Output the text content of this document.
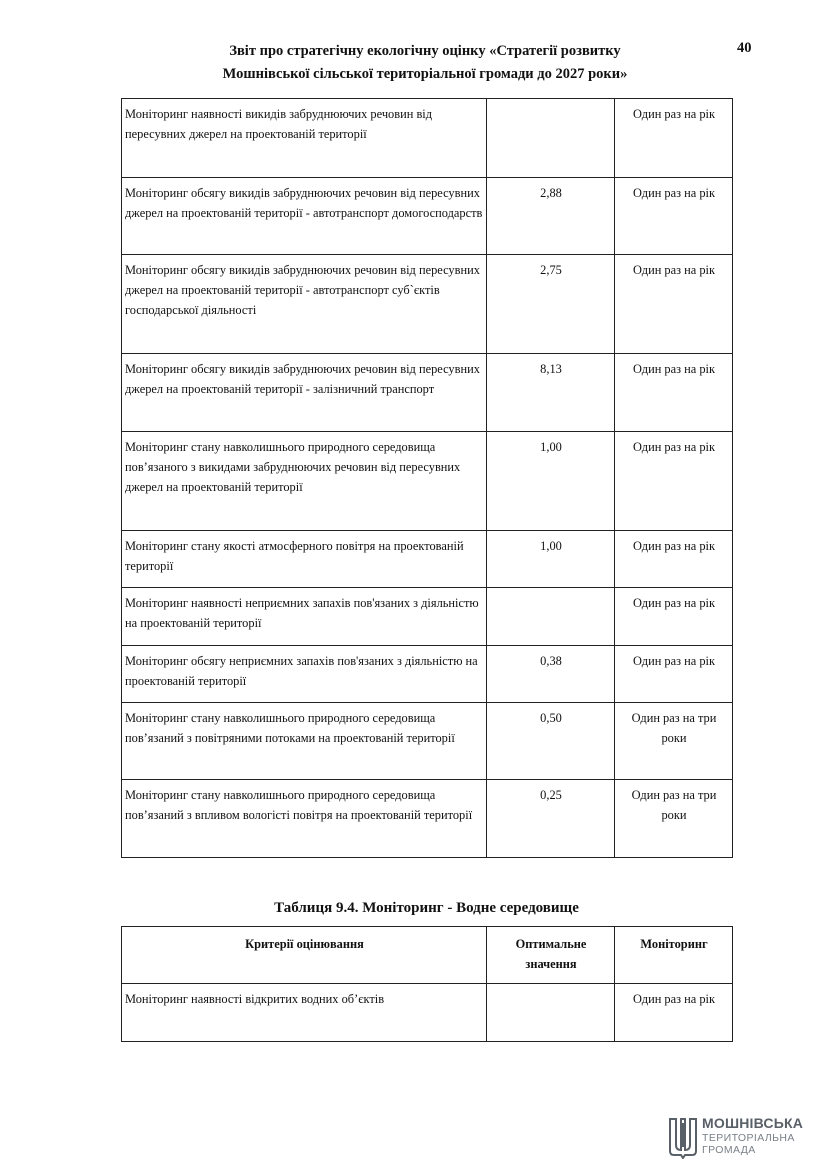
Звіт про стратегічну екологічну оцінку «Стратегії розвитку
Мошнівської сільської територіальної громади до 2027 роки»
40
Моніторинг наявності викидів забруднюючих речовин від пересувних джерел на проектованій території		Один раз на рік
Моніторинг обсягу викидів забруднюючих речовин від пересувних джерел на проектованій території - автотранспорт домогосподарств	2,88	Один раз на рік
Моніторинг обсягу викидів забруднюючих речовин від пересувних джерел на проектованій території - автотранспорт суб`єктів господарської діяльності	2,75	Один раз на рік
Моніторинг обсягу викидів забруднюючих речовин від пересувних джерел на проектованій території - залізничний транспорт	8,13	Один раз на рік
Моніторинг стану навколишнього природного середовища пов’язаного з викидами забруднюючих речовин від пересувних джерел на проектованій території	1,00	Один раз на рік
Моніторинг стану якості атмосферного повітря на проектованій території	1,00	Один раз на рік
Моніторинг наявності неприємних запахів пов'язаних з діяльністю на проектованій території		Один раз на рік
Моніторинг обсягу неприємних запахів пов'язаних з діяльністю на проектованій території	0,38	Один раз на рік
Моніторинг стану навколишнього природного середовища пов’язаний з повітряними потоками на проектованій території	0,50	Один раз на три роки
Моніторинг стану навколишнього природного середовища пов’язаний з впливом вологісті повітря на проектованій території	0,25	Один раз на три роки
Таблиця 9.4. Моніторинг - Водне середовище
Критерії оцінювання	Оптимальне значення	Моніторинг
Моніторинг наявності відкритих водних об’єктів		Один раз на рік
МОШНІВСЬКА
ТЕРИТОРІАЛЬНА
ГРОМАДА
